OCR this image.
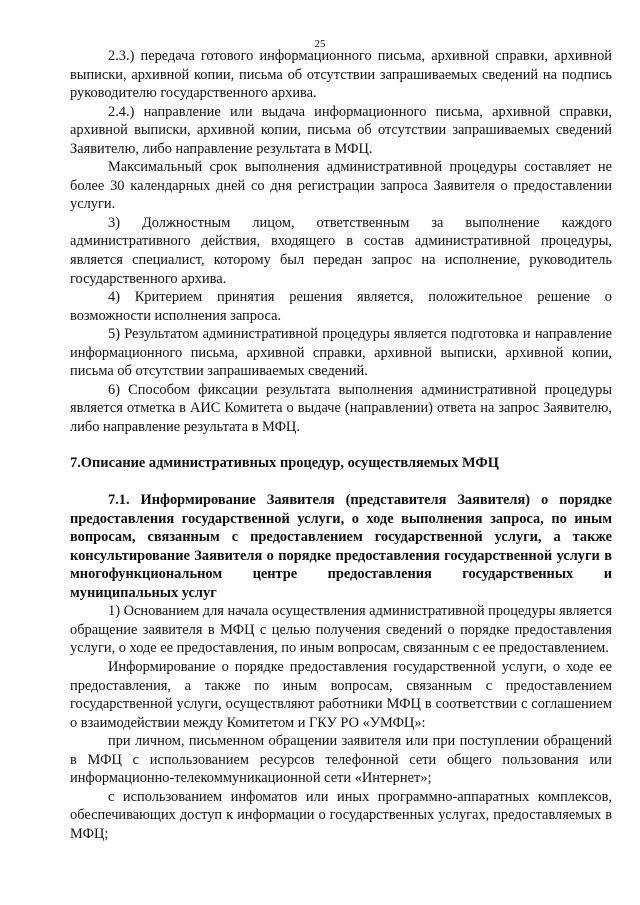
25

2.3.) передача готового информационного письма, архивной справки, архивной выписки, архивной копии, письма об отсутствии запрашиваемых сведений на подпись руководителю государственного архива.

2.4.) направление или выдача информационного письма, архивной справки, архивной выписки, архивной копии, письма об отсутствии запрашиваемых сведений Заявителю, либо направление результата в МФЦ.

Максимальный срок выполнения административной процедуры составляет не более 30 календарных дней со дня регистрации запроса Заявителя о предоставлении услуги.

3) Должностным лицом, ответственным за выполнение каждого административного действия, входящего в состав административной процедуры, является специалист, которому был передан запрос на исполнение, руководитель государственного архива.

4) Критерием принятия решения является, положительное решение о возможности исполнения запроса.

5) Результатом административной процедуры является подготовка и направление информационного письма, архивной справки, архивной выписки, архивной копии, письма об отсутствии запрашиваемых сведений.

6) Способом фиксации результата выполнения административной процедуры является отметка в АИС Комитета о выдаче (направлении) ответа на запрос Заявителю, либо направление результата в МФЦ.

7.Описание административных процедур, осуществляемых МФЦ

7.1. Информирование Заявителя (представителя Заявителя) о порядке предоставления государственной услуги, о ходе выполнения запроса, по иным вопросам, связанным с предоставлением государственной услуги, а также консультирование Заявителя о порядке предоставления государственной услуги в многофункциональном центре предоставления государственных и муниципальных услуг

1) Основанием для начала осуществления административной процедуры является обращение заявителя в МФЦ с целью получения сведений о порядке предоставления услуги, о ходе ее предоставления, по иным вопросам, связанным с ее предоставлением.

Информирование о порядке предоставления государственной услуги, о ходе ее предоставления, а также по иным вопросам, связанным с предоставлением государственной услуги, осуществляют работники МФЦ в соответствии с соглашением о взаимодействии между Комитетом и ГКУ РО «УМФЦ»:

при личном, письменном обращении заявителя или при поступлении обращений в МФЦ с использованием ресурсов телефонной сети общего пользования или информационно-телекоммуникационной сети «Интернет»;

с использованием инфоматов или иных программно-аппаратных комплексов, обеспечивающих доступ к информации о государственных услугах, предоставляемых в МФЦ;
